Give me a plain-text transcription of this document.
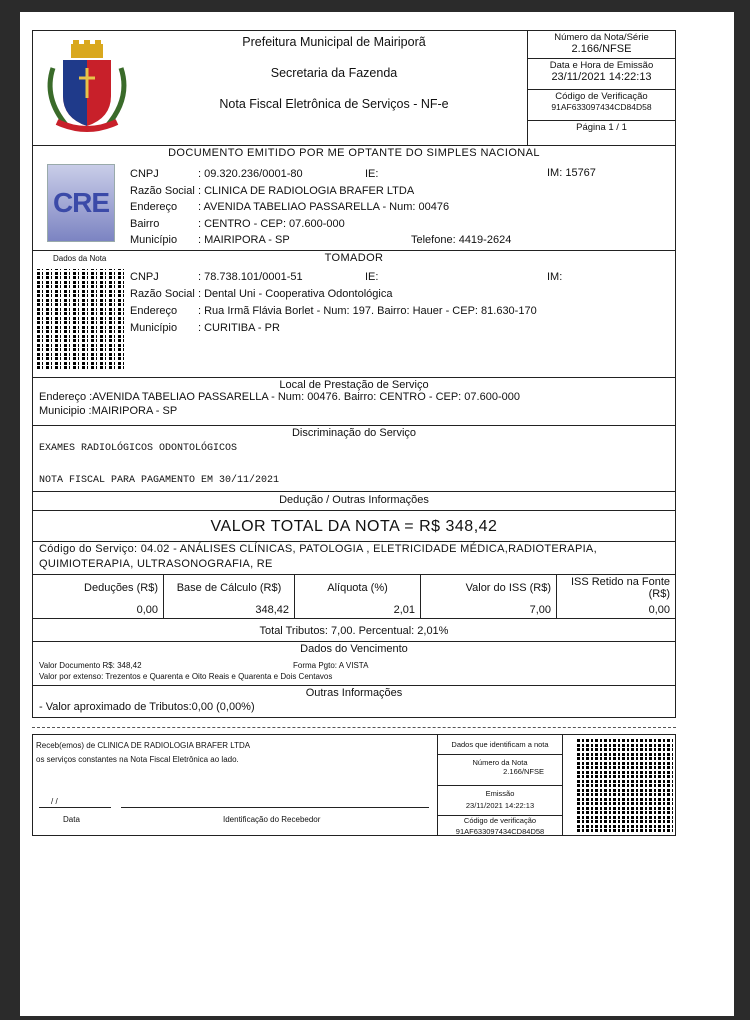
Prefeitura Municipal de Mairiporã
Secretaria da Fazenda
Nota Fiscal Eletrônica de Serviços - NF-e
Número da Nota/Série
2.166/NFSE
Data e Hora de Emissão
23/11/2021 14:22:13
Código de Verificação
91AF633097434CD84D58
Página 1 / 1
DOCUMENTO EMITIDO POR ME OPTANTE DO SIMPLES NACIONAL
CRE
CNPJ	: 09.320.236/0001-80	IE:	IM: 15767
Razão Social : CLINICA DE RADIOLOGIA BRAFER LTDA
Endereço : AVENIDA TABELIAO PASSARELLA - Num: 00476
Bairro	: CENTRO - CEP: 07.600-000
Município : MAIRIPORA - SP	Telefone: 4419-2624
Dados da Nota	TOMADOR
CNPJ	: 78.738.101/0001-51	IE:	IM:
Razão Social : Dental Uni - Cooperativa Odontológica
Endereço : Rua Irmã Flávia Borlet - Num: 197. Bairro: Hauer - CEP: 81.630-170
Município : CURITIBA - PR
Local de Prestação de Serviço
Endereço :AVENIDA TABELIAO PASSARELLA - Num: 00476. Bairro: CENTRO - CEP: 07.600-000
Municipio :MAIRIPORA - SP
Discriminação do Serviço
EXAMES RADIOLÓGICOS ODONTOLÓGICOS
NOTA FISCAL PARA PAGAMENTO EM 30/11/2021
Dedução / Outras Informações
VALOR TOTAL DA NOTA = R$ 348,42
Código do Serviço: 04.02 - ANÁLISES CLÍNICAS, PATOLOGIA , ELETRICIDADE MÉDICA,RADIOTERAPIA, QUIMIOTERAPIA, ULTRASONOGRAFIA, RE
Deduções (R$)	Base de Cálculo (R$)	Alíquota (%)	Valor do ISS (R$)	ISS Retido na Fonte (R$)
0,00	348,42	2,01	7,00	0,00
Total Tributos: 7,00. Percentual: 2,01%
Dados do Vencimento
Valor Documento R$: 348,42	Forma Pgto: A VISTA
Valor por extenso: Trezentos e Quarenta e Oito Reais e Quarenta e Dois Centavos
Outras Informações
- Valor aproximado de Tributos:0,00 (0,00%)
Receb(emos) de CLINICA DE RADIOLOGIA BRAFER LTDA
os serviços constantes na Nota Fiscal Eletrônica ao lado.
/ /
Data	Identificação do Recebedor
Dados que identificam a nota
Número da Nota
2.166/NFSE
Emissão
23/11/2021 14:22:13
Código de verificação
91AF633097434CD84D58
